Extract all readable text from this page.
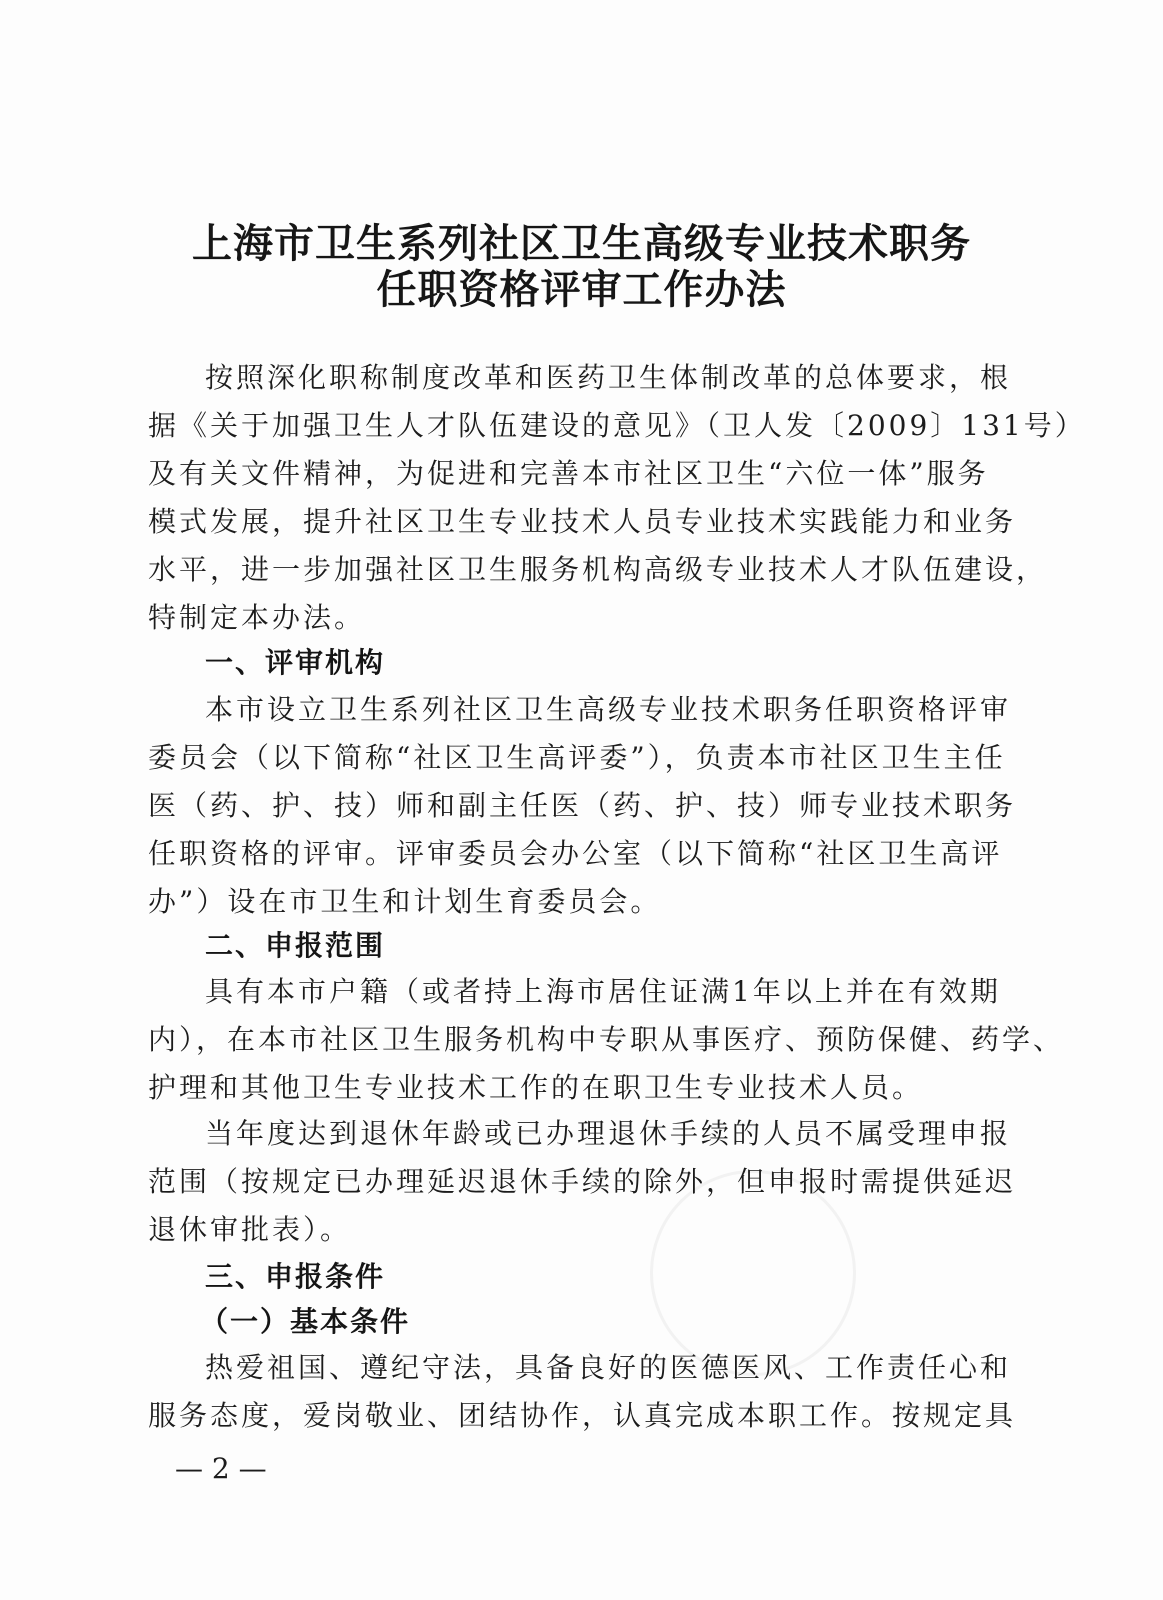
上海市卫生系列社区卫生高级专业技术职务
任职资格评审工作办法
按照深化职称制度改革和医药卫生体制改革的总体要求，根
据《关于加强卫生人才队伍建设的意见》（卫人发〔2009〕131号）
及有关文件精神，为促进和完善本市社区卫生“六位一体”服务
模式发展，提升社区卫生专业技术人员专业技术实践能力和业务
水平，进一步加强社区卫生服务机构高级专业技术人才队伍建设，
特制定本办法。
一、评审机构
本市设立卫生系列社区卫生高级专业技术职务任职资格评审
委员会（以下简称“社区卫生高评委”），负责本市社区卫生主任
医（药、护、技）师和副主任医（药、护、技）师专业技术职务
任职资格的评审。评审委员会办公室（以下简称“社区卫生高评
办”）设在市卫生和计划生育委员会。
二、申报范围
具有本市户籍（或者持上海市居住证满1年以上并在有效期
内），在本市社区卫生服务机构中专职从事医疗、预防保健、药学、
护理和其他卫生专业技术工作的在职卫生专业技术人员。
当年度达到退休年龄或已办理退休手续的人员不属受理申报
范围（按规定已办理延迟退休手续的除外，但申报时需提供延迟
退休审批表）。
三、申报条件
（一）基本条件
热爱祖国、遵纪守法，具备良好的医德医风、工作责任心和
服务态度，爱岗敬业、团结协作，认真完成本职工作。按规定具
— 2 —
